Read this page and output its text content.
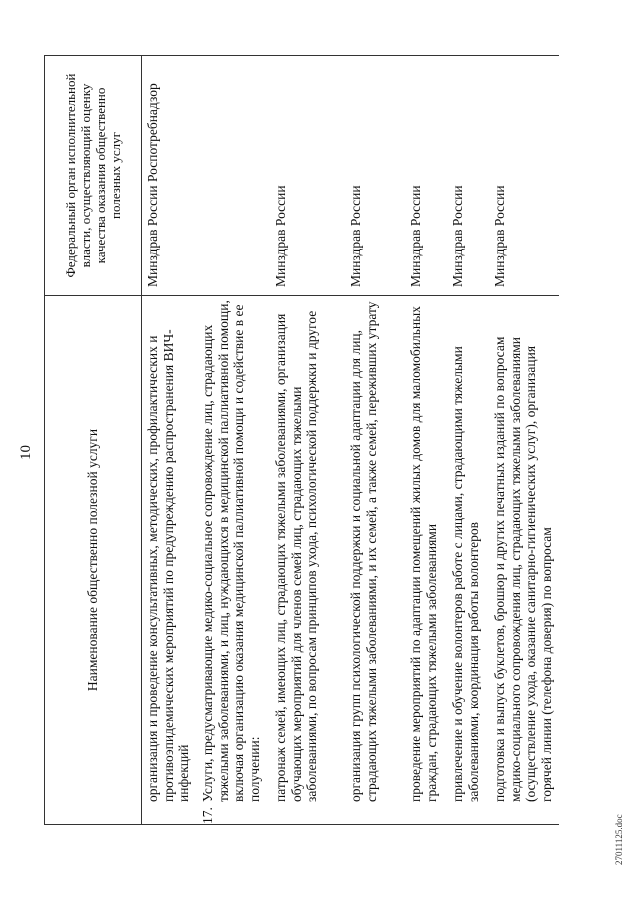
10	Наименование общественно полезной услуги
Федеральный орган исполнительной власти, осуществляющий оценку качества оказания общественно полезных услуг
организация и проведение консультативных, методических, профилактических и противоэпидемических мероприятий по предупреждению распространения ВИЧ-инфекций
Минздрав России Роспотребнадзор
17.
Услуги, предусматривающие медико-социальное сопровождение лиц, страдающих тяжелыми заболеваниями, и лиц, нуждающихся в медицинской паллиативной помощи, включая организацию оказания медицинской паллиативной помощи и содействие в ее получении: патронаж семей, имеющих лиц, страдающих тяжелыми заболеваниями, организация обучающих мероприятий для членов семей лиц, страдающих тяжелыми заболеваниями, по вопросам принципов ухода, психологической поддержки и другое
Минздрав России
организация групп психологической поддержки и социальной адаптации для лиц, страдающих тяжелыми заболеваниями, и их семей, а также семей, переживших утрату
Минздрав России
проведение мероприятий по адаптации помещений жилых домов для маломобильных граждан, страдающих тяжелыми заболеваниями
Минздрав России
привлечение и обучение волонтеров работе с лицами, страдающими тяжелыми заболеваниями, координация работы волонтеров
Минздрав России
подготовка и выпуск буклетов, брошюр и других печатных изданий по вопросам медико-социального сопровождения лиц, страдающих тяжелыми заболеваниями (осуществление ухода, оказание санитарно-гигиенических услуг), организация горячей линии (телефона доверия) по вопросам
Минздрав России
27011125.doc
